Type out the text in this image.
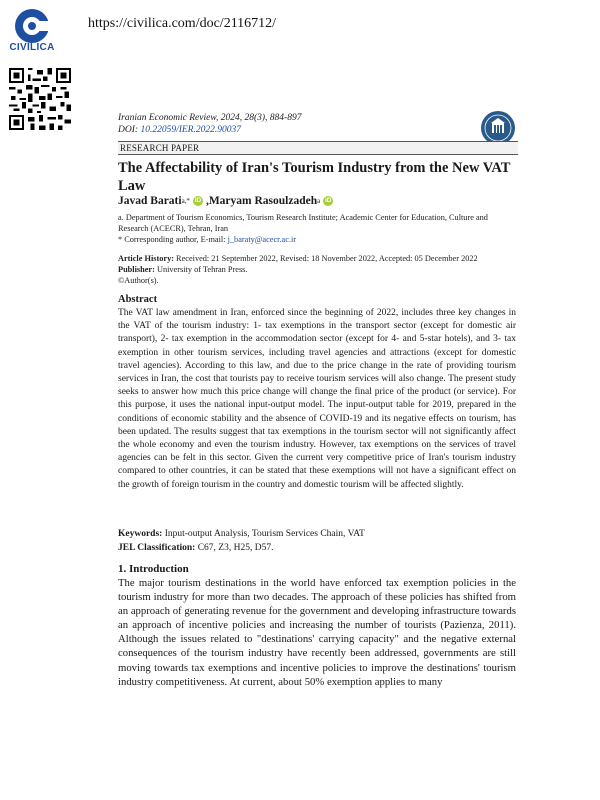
CIVILICA
https://civilica.com/doc/2116712/
Iranian Economic Review, 2024, 28(3), 884-897
DOI: 10.22059/IER.2022.90037
RESEARCH PAPER
The Affectability of Iran's Tourism Industry from the New VAT Law
Javad Barati a,* iD , Maryam Rasoulzadeh a iD
a. Department of Tourism Economics, Tourism Research Institute; Academic Center for Education, Culture and Research (ACECR), Tehran, Iran
* Corresponding author, E-mail: j_baraty@acecr.ac.ir
Article History: Received: 21 September 2022, Revised: 18 November 2022, Accepted: 05 December 2022
Publisher: University of Tehran Press.
©Author(s).
Abstract
The VAT law amendment in Iran, enforced since the beginning of 2022, includes three key changes in the VAT of the tourism industry: 1- tax exemptions in the transport sector (except for domestic air transport), 2- tax exemption in the accommodation sector (except for 4- and 5-star hotels), and 3- tax exemption in other tourism services, including travel agencies and attractions (except for domestic travel agencies). According to this law, and due to the price change in the rate of providing tourism services in Iran, the cost that tourists pay to receive tourism services will also change. The present study seeks to answer how much this price change will change the final price of the product (or service). For this purpose, it uses the national input-output model. The input-output table for 2019, prepared in the conditions of economic stability and the absence of COVID-19 and its negative effects on tourism, has been updated. The results suggest that tax exemptions in the tourism sector will not significantly affect the whole economy and even the tourism industry. However, tax exemptions on the services of travel agencies can be felt in this sector. Given the current very competitive price of Iran's tourism industry compared to other countries, it can be stated that these exemptions will not have a significant effect on the growth of foreign tourism in the country and domestic tourism will be affected slightly.
Keywords: Input-output Analysis, Tourism Services Chain, VAT
JEL Classification: C67, Z3, H25, D57.
1. Introduction
The major tourism destinations in the world have enforced tax exemption policies in the tourism industry for more than two decades. The approach of these policies has shifted from an approach of generating revenue for the government and developing infrastructure towards an approach of incentive policies and increasing the number of tourists (Pazienza, 2011). Although the issues related to "destinations' carrying capacity" and the negative external consequences of the tourism industry have recently been addressed, governments are still moving towards tax exemptions and incentive policies to improve the destinations' tourism industry competitiveness. At current, about 50% exemption applies to many
